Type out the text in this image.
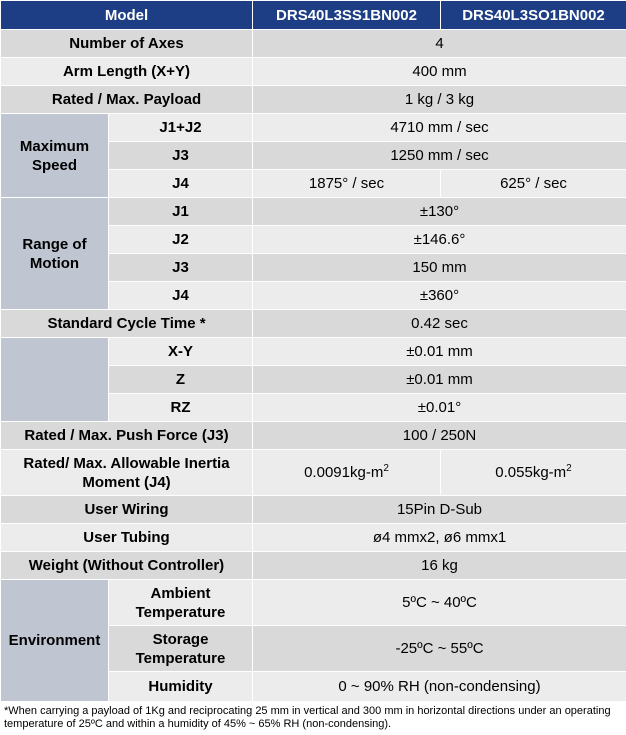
Model		DRS40L3SS1BN002	DRS40L3SO1BN002
Number of Axes		4	
Arm Length (X+Y)		400 mm	
Rated / Max. Payload		1 kg / 3 kg	
Maximum Speed	J1+J2	4710 mm / sec	
	J3	1250 mm / sec	
	J4	1875° / sec	625° / sec
Range of Motion	J1	±130°	
	J2	±146.6°	
	J3	150 mm	
	J4	±360°	
Standard Cycle Time *		0.42 sec	
	X-Y	±0.01 mm	
	Z	±0.01 mm	
	RZ	±0.01°	
Rated / Max. Push Force (J3)		100 / 250N	
Rated/ Max. Allowable Inertia Moment (J4)		$0.0091kg-m^2$	$0.055kg-m^2$
User Wiring		15Pin D-Sub	
User Tubing		ø4 mmx2, ø6 mmx1	
Weight (Without Controller)		16 kg	
Environment	Ambient Temperature	5ºC ~ 40ºC	
	Storage Temperature	-25ºC ~ 55ºC	
	Humidity	0 ~ 90% RH (non-condensing)	
*When carrying a payload of 1Kg and reciprocating 25 mm in vertical and 300 mm in horizontal directions under an operating temperature of 25ºC and within a humidity of 45% ~ 65% RH (non-condensing).
